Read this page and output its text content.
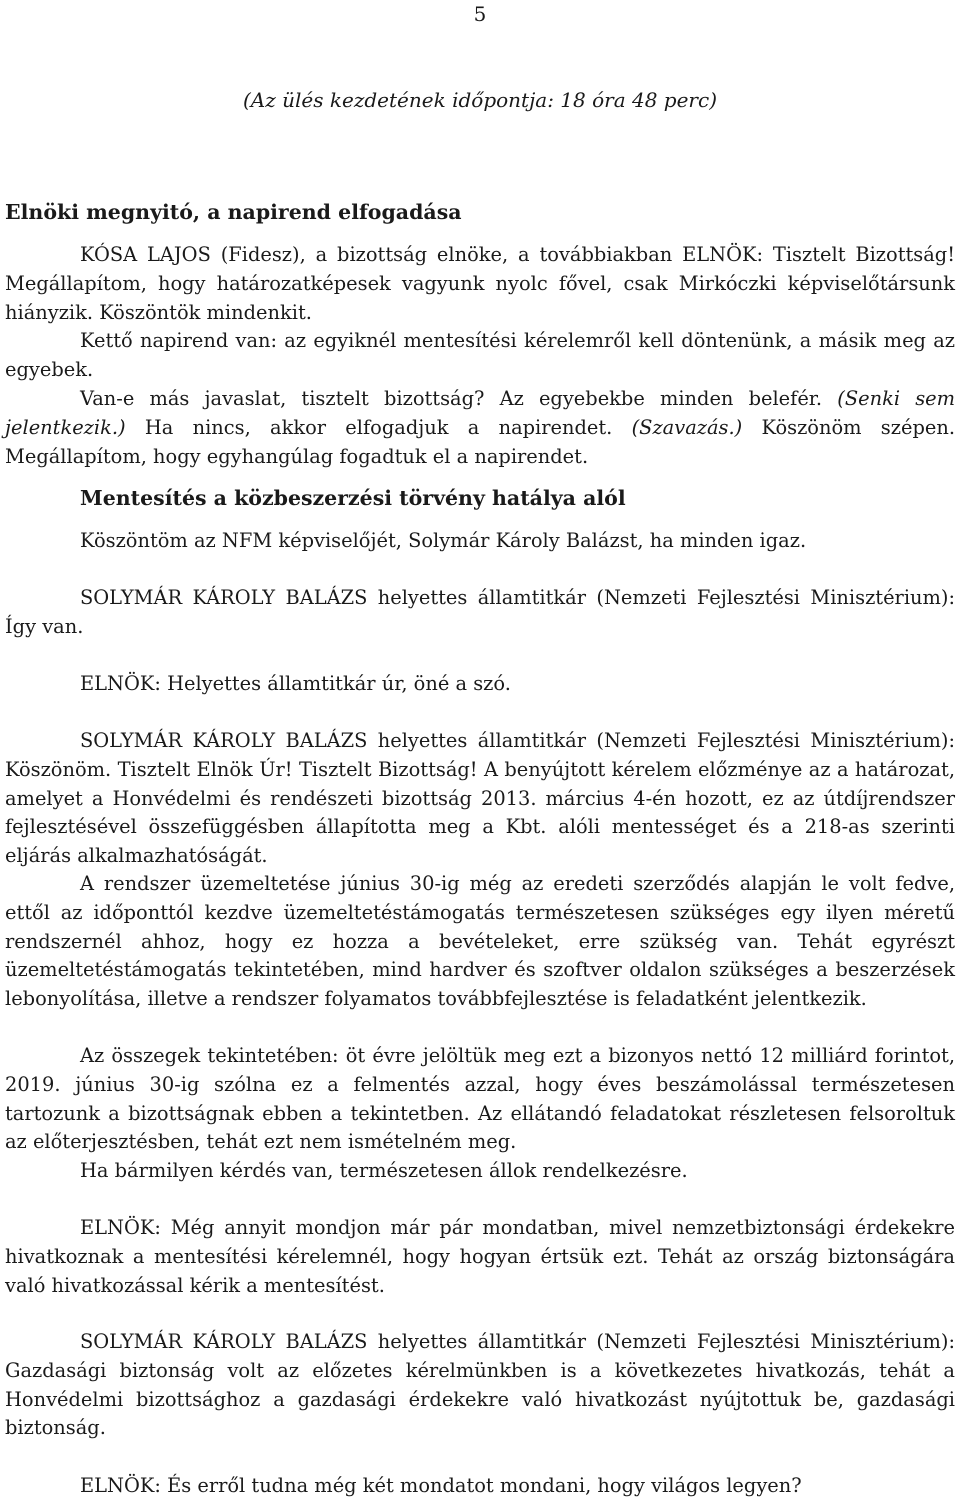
5
(Az ülés kezdetének időpontja: 18 óra 48 perc)
Elnöki megnyitó, a napirend elfogadása
KÓSA LAJOS (Fidesz), a bizottság elnöke, a továbbiakban ELNÖK: Tisztelt Bizottság! Megállapítom, hogy határozatképesek vagyunk nyolc fővel, csak Mirkóczki képviselőtársunk hiányzik. Köszöntök mindenkit.
Kettő napirend van: az egyiknél mentesítési kérelemről kell döntenünk, a másik meg az egyebek.
Van-e más javaslat, tisztelt bizottság? Az egyebekbe minden belefér. (Senki sem jelentkezik.) Ha nincs, akkor elfogadjuk a napirendet. (Szavazás.) Köszönöm szépen. Megállapítom, hogy egyhangúlag fogadtuk el a napirendet.
Mentesítés a közbeszerzési törvény hatálya alól
Köszöntöm az NFM képviselőjét, Solymár Károly Balázst, ha minden igaz.
SOLYMÁR KÁROLY BALÁZS helyettes államtitkár (Nemzeti Fejlesztési Minisztérium): Így van.
ELNÖK: Helyettes államtitkár úr, öné a szó.
SOLYMÁR KÁROLY BALÁZS helyettes államtitkár (Nemzeti Fejlesztési Minisztérium): Köszönöm. Tisztelt Elnök Úr! Tisztelt Bizottság! A benyújtott kérelem előzménye az a határozat, amelyet a Honvédelmi és rendészeti bizottság 2013. március 4-én hozott, ez az útdíjrendszer fejlesztésével összefüggésben állapította meg a Kbt. alóli mentességet és a 218-as szerinti eljárás alkalmazhatóságát.
A rendszer üzemeltetése június 30-ig még az eredeti szerződés alapján le volt fedve, ettől az időponttól kezdve üzemeltetéstámogatás természetesen szükséges egy ilyen méretű rendszernél ahhoz, hogy ez hozza a bevételeket, erre szükség van. Tehát egyrészt üzemeltetéstámogatás tekintetében, mind hardver és szoftver oldalon szükséges a beszerzések lebonyolítása, illetve a rendszer folyamatos továbbfejlesztése is feladatként jelentkezik.
Az összegek tekintetében: öt évre jelöltük meg ezt a bizonyos nettó 12 milliárd forintot, 2019. június 30-ig szólna ez a felmentés azzal, hogy éves beszámolással természetesen tartozunk a bizottságnak ebben a tekintetben. Az ellátandó feladatokat részletesen felsoroltuk az előterjesztésben, tehát ezt nem ismételném meg.
Ha bármilyen kérdés van, természetesen állok rendelkezésre.
ELNÖK: Még annyit mondjon már pár mondatban, mivel nemzetbiztonsági érdekekre hivatkoznak a mentesítési kérelemnél, hogy hogyan értsük ezt. Tehát az ország biztonságára való hivatkozással kérik a mentesítést.
SOLYMÁR KÁROLY BALÁZS helyettes államtitkár (Nemzeti Fejlesztési Minisztérium): Gazdasági biztonság volt az előzetes kérelmünkben is a következetes hivatkozás, tehát a Honvédelmi bizottsághoz a gazdasági érdekekre való hivatkozást nyújtottuk be, gazdasági biztonság.
ELNÖK: És erről tudna még két mondatot mondani, hogy világos legyen?
